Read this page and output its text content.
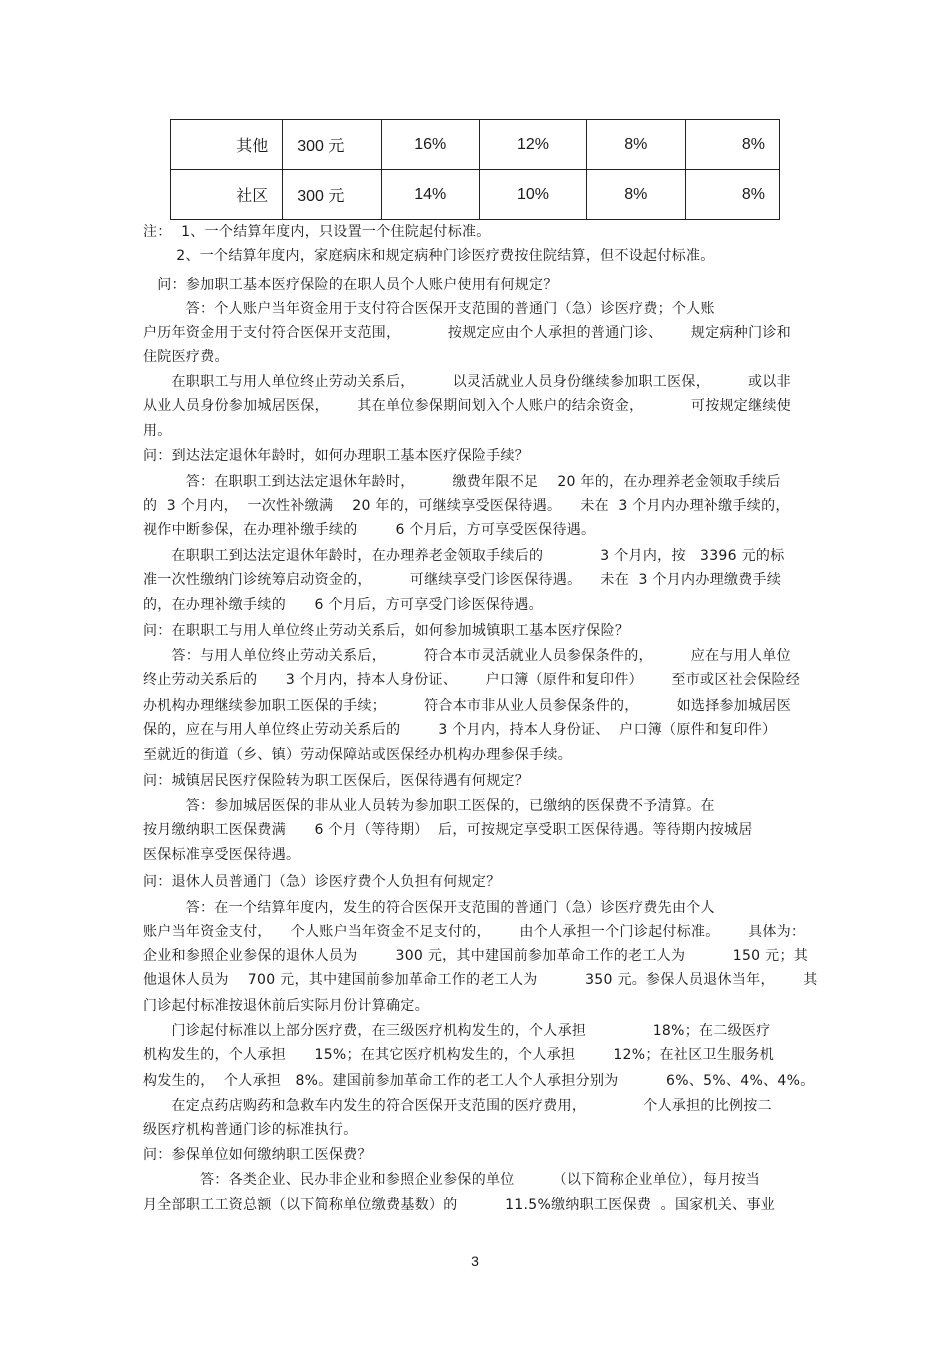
其他	300 元	16%	12%	8%	8%
社区	300 元	14%	10%	8%	8%
注：  1、一个结算年度内，只设置一个住院起付标准。
2、一个结算年度内，家庭病床和规定病种门诊医疗费按住院结算，但不设起付标准。
问：参加职工基本医疗保险的在职人员个人账户使用有何规定？
答：个人账户当年资金用于支付符合医保开支范围的普通门（急）诊医疗费；个人账
户历年资金用于支付符合医保开支范围，          按规定应由个人承担的普通门诊、      规定病种门诊和
住院医疗费。
在职职工与用人单位终止劳动关系后，        以灵活就业人员身份继续参加职工医保，        或以非
从业人员身份参加城居医保，      其在单位参保期间划入个人账户的结余资金，          可按规定继续使
用。
问：到达法定退休年龄时，如何办理职工基本医疗保险手续？
答：在职职工到达法定退休年龄时，        缴费年限不足    20 年的，在办理养老金领取手续后
的  3 个月内，  一次性补缴满    20 年的，可继续享受医保待遇。    未在  3 个月内办理补缴手续的，
视作中断参保，在办理补缴手续的        6 个月后，方可享受医保待遇。
在职职工到达法定退休年龄时，在办理养老金领取手续后的            3 个月内，按   3396 元的标
准一次性缴纳门诊统筹启动资金的，        可继续享受门诊医保待遇。    未在  3 个月内办理缴费手续
的，在办理补缴手续的      6 个月后，方可享受门诊医保待遇。
问：在职职工与用人单位终止劳动关系后，如何参加城镇职工基本医疗保险？
答：与用人单位终止劳动关系后，        符合本市灵活就业人员参保条件的，        应在与用人单位
终止劳动关系后的      3 个月内，持本人身份证、      户口簿（原件和复印件）      至市或区社会保险经
办机构办理继续参加职工医保的手续；        符合本市非从业人员参保条件的，        如选择参加城居医
保的，应在与用人单位终止劳动关系后的        3 个月内，持本人身份证、  户口簿（原件和复印件）
至就近的街道（乡、镇）劳动保障站或医保经办机构办理参保手续。
问：城镇居民医疗保险转为职工医保后，医保待遇有何规定？
答：参加城居医保的非从业人员转为参加职工医保的，已缴纳的医保费不予清算。在
按月缴纳职工医保费满      6 个月（等待期）  后，可按规定享受职工医保待遇。等待期内按城居
医保标准享受医保待遇。
问：退休人员普通门（急）诊医疗费个人负担有何规定？
答：在一个结算年度内，发生的符合医保开支范围的普通门（急）诊医疗费先由个人
账户当年资金支付，    个人账户当年资金不足支付的，      由个人承担一个门诊起付标准。      具体为：
企业和参照企业参保的退休人员为        300 元，其中建国前参加革命工作的老工人为          150 元；其
他退休人员为    700 元，其中建国前参加革命工作的老工人为          350 元。参保人员退休当年，      其
门诊起付标准按退休前后实际月份计算确定。
门诊起付标准以上部分医疗费，在三级医疗机构发生的，个人承担              18%；在二级医疗
机构发生的，个人承担      15%；在其它医疗机构发生的，个人承担        12%；在社区卫生服务机
构发生的，  个人承担   8%。建国前参加革命工作的老工人个人承担分别为          6%、5%、4%、4%。
在定点药店购药和急救车内发生的符合医保开支范围的医疗费用，            个人承担的比例按二
级医疗机构普通门诊的标准执行。
问：参保单位如何缴纳职工医保费？
答：各类企业、民办非企业和参照企业参保的单位        （以下简称企业单位），每月按当
月全部职工工资总额（以下简称单位缴费基数）的          11.5%缴纳职工医保费  。国家机关、事业
3
